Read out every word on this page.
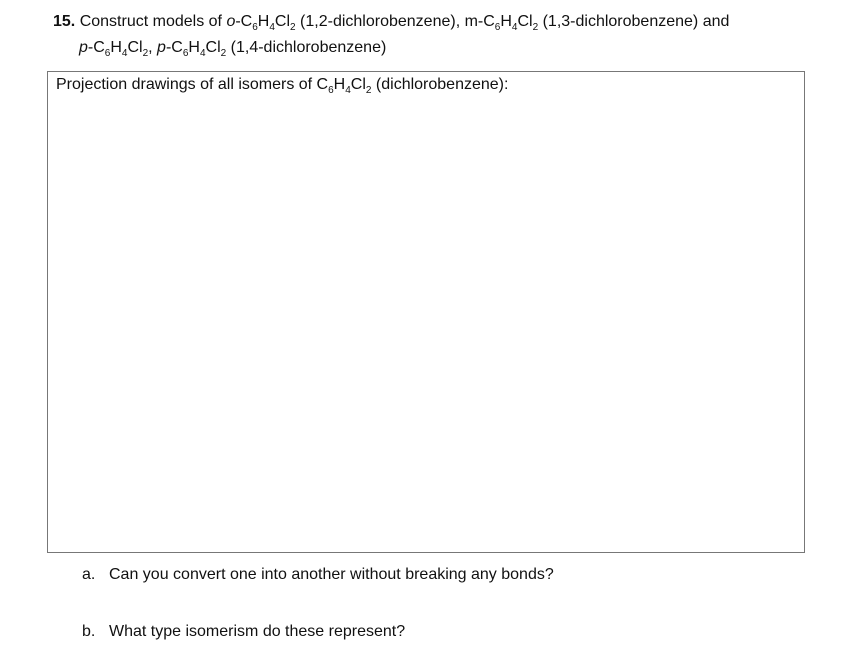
15. Construct models of $o-C_6H_4Cl_2$ (1,2-dichlorobenzene), $m-C_6H_4Cl_2$ (1,3-dichlorobenzene) and
$p-C_6H_4Cl_2$, $p-C_6H_4Cl_2$ (1,4-dichlorobenzene)
Projection drawings of all isomers of $C_6H_4Cl_2$ (dichlorobenzene):
a. Can you convert one into another without breaking any bonds?
b. What type isomerism do these represent?
